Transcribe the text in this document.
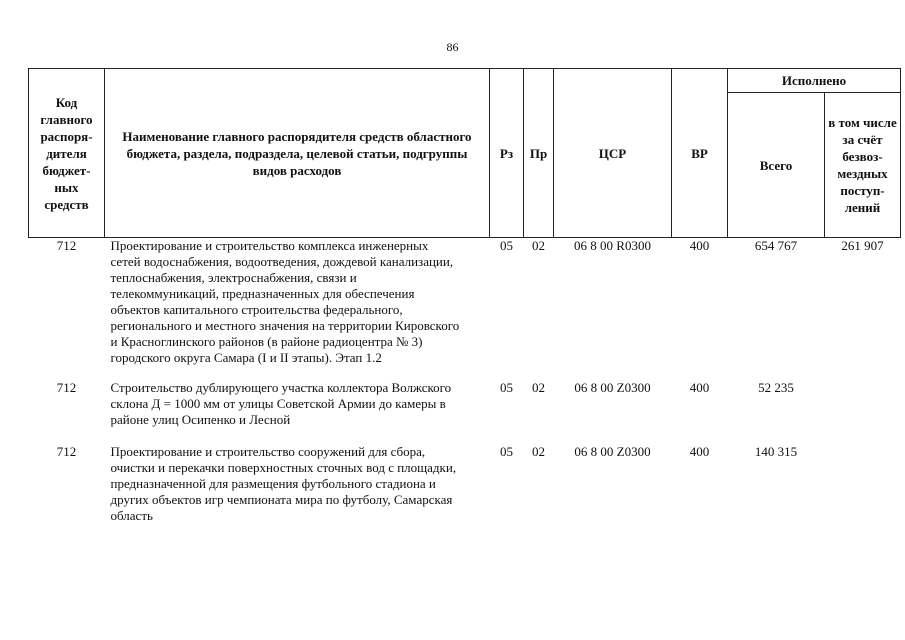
86
Код главного распоря-дителя бюджет-ных средств	Наименование главного распорядителя средств областного бюджета, раздела, подраздела, целевой статьи, подгруппы видов расходов	Рз	Пр	ЦСР	ВР	Исполнено	
						Всего	в том числе за счёт безвоз-мездных поступ-лений
712	Проектирование и строительство комплекса инженерных сетей водоснабжения, водоотведения, дождевой канализации, теплоснабжения, электроснабжения, связи и телекоммуникаций, предназначенных для обеспечения объектов капитального строительства федерального, регионального и местного значения на территории Кировского и Красноглинского районов (в районе радиоцентра № 3) городского округа Самара (I и II этапы). Этап 1.2	05	02	06 8 00 R0300	400	654 767	261 907
712	Строительство дублирующего участка коллектора Волжского склона Д = 1000 мм от улицы Советской Армии до камеры в районе улиц Осипенко и Лесной	05	02	06 8 00 Z0300	400	52 235	
712	Проектирование и строительство сооружений для сбора, очистки и перекачки поверхностных сточных вод с площадки, предназначенной для размещения футбольного стадиона и других объектов игр чемпионата мира по футболу, Самарская область	05	02	06 8 00 Z0300	400	140 315	
